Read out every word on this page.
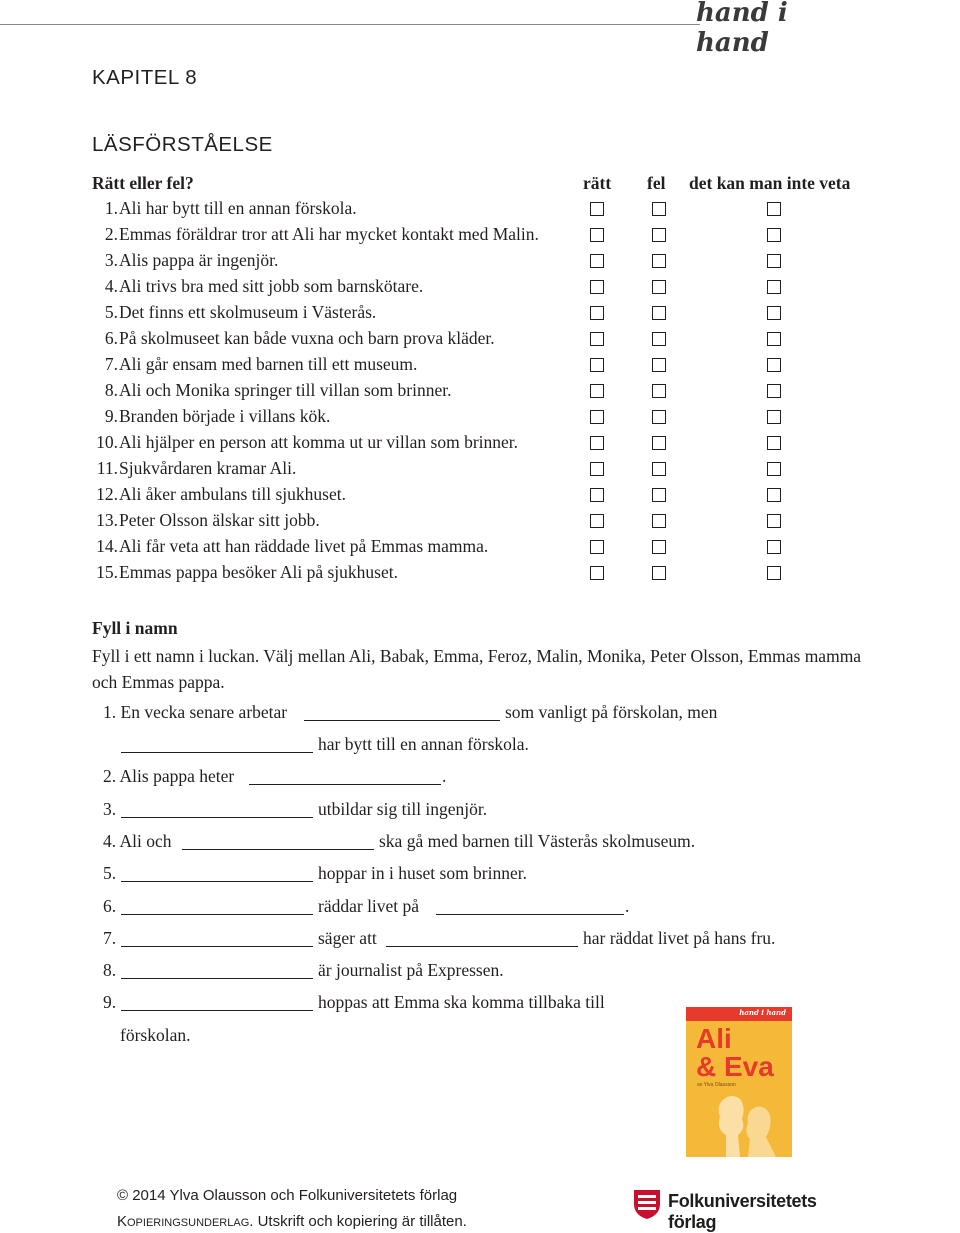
hand i hand
KAPITEL 8
LÄSFÖRSTÅELSE
Rätt eller fel?	rätt fel det kan man inte veta
1. Ali har bytt till en annan förskola.
2. Emmas föräldrar tror att Ali har mycket kontakt med Malin.
3. Alis pappa är ingenjör.
4. Ali trivs bra med sitt jobb som barnskötare.
5. Det finns ett skolmuseum i Västerås.
6. På skolmuseet kan både vuxna och barn prova kläder.
7. Ali går ensam med barnen till ett museum.
8. Ali och Monika springer till villan som brinner.
9. Branden började i villans kök.
10. Ali hjälper en person att komma ut ur villan som brinner.
11. Sjukvårdaren kramar Ali.
12. Ali åker ambulans till sjukhuset.
13. Peter Olsson älskar sitt jobb.
14. Ali får veta att han räddade livet på Emmas mamma.
15. Emmas pappa besöker Ali på sjukhuset.
Fyll i namn
Fyll i ett namn i luckan. Välj mellan Ali, Babak, Emma, Feroz, Malin, Monika, Peter Olsson, Emmas mamma och Emmas pappa.
1. En vecka senare arbetar	som vanligt på förskolan, men
har bytt till en annan förskola.
2. Alis pappa heter	.
3.	utbildar sig till ingenjör.
4. Ali och	ska gå med barnen till Västerås skolmuseum.
5.	hoppar in i huset som brinner.
6.	räddar livet på	.
7.	säger att	har räddat livet på hans fru.
8.	är journalist på Expressen.
9.	hoppas att Emma ska komma tillbaka till
förskolan.
hand i hand
Ali
& Eva
av Ylva Olausson
© 2014 Ylva Olausson och Folkuniversitetets förlag
Kopieringsunderlag. Utskrift och kopiering är tillåten.
Folkuniversitetets förlag
